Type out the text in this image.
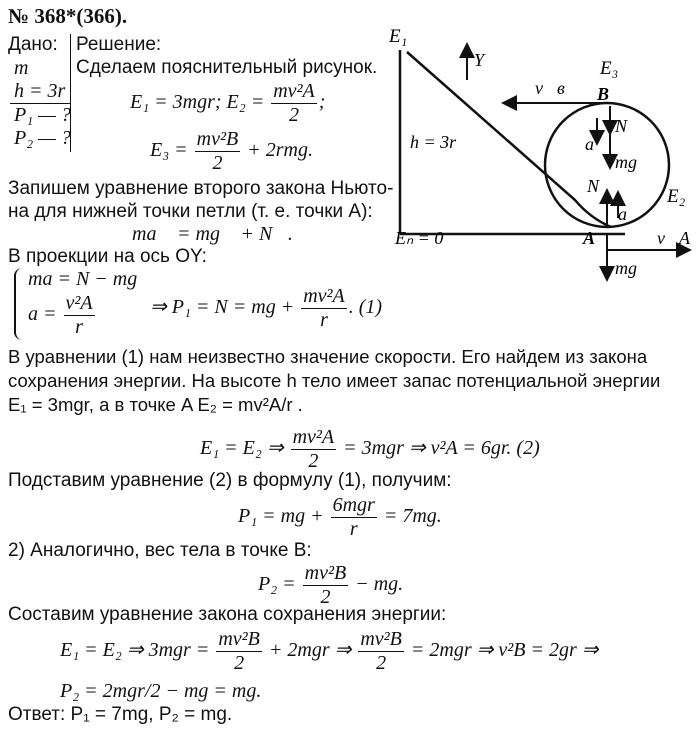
№ 368*(366).
Дано:
m
h = 3r
P₁ — ?
P₂ — ?
Решение:
Сделаем пояснительный рисунок.
E₁ = 3mgr; $E_2 = \frac{\text{mv²A}}{2}$ ;
$E_3 = \frac{\text{mv²B}}{2} + 2rmg$.
Запишем уравнение второго закона Ньюто-
на для нижней точки петли (т. е. точки A):
ma⃗ = mg⃗ + N⃗.
В проекции на ось OY:
ma = N − mg
$a = \frac{\text{v²A}}{r}$	⇒ P₁ = N = mg + $\frac{\text{mv²A}}{r}$ . (1)
В уравнении (1) нам неизвестно значение скорости. Его найдем из закона
сохранения энергии. На высоте h тело имеет запас потенциальной энергии
E₁ = 3mgr, а в точке A E₂ = mv²A/r .
E₁ = E₂ ⇒ $\frac{\text{mv²A}}{2} = 3mgr$ ⇒ v²A = 6gr. (2)
Подставим уравнение (2) в формулу (1), получим:
P₁ = mg + $\frac{\text{6mgr}}{r} = 7mg$.
2) Аналогично, вес тела в точке B:
$P_2 = \frac{\text{mv²B}}{2}$ − mg.
Составим уравнение закона сохранения энергии:
E₁ = E₂ ⇒ $3mgr = \frac{\text{mv²B}}{2} + 2mgr$ ⇒ $\frac{\text{mv²B}}{2} = 2mgr$ ⇒ v²B = 2gr ⇒
P₂ = 2mgr/2 − mg = mg.
Ответ: P₁ = 7mg, P₂ = mg.
Y
E₁
E₃
E₂
Eₙ = 0
h = 3r
B
A
v⃗в
N⃗
a⃗
mg⃗
N⃗
a⃗
mg⃗
v⃗A
